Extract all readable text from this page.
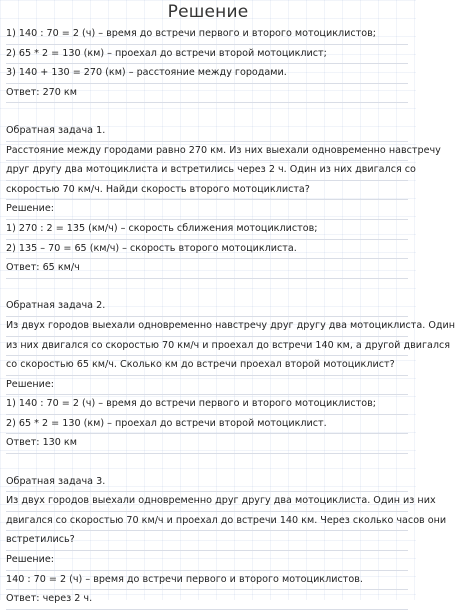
Решение
1) 140 : 70 = 2 (ч) – время до встречи первого и второго мотоциклистов;
2) 65 * 2 = 130 (км) – проехал до встречи второй мотоциклист;
3) 140 + 130 = 270 (км) – расстояние между городами.
Ответ: 270 км
Обратная задача 1.
Расстояние между городами равно 270 км. Из них выехали одновременно навстречу
друг другу два мотоциклиста и встретились через 2 ч. Один из них двигался со
скоростью 70 км/ч. Найди скорость второго мотоциклиста?
Решение:
1) 270 : 2 = 135 (км/ч) – скорость сближения мотоциклистов;
2) 135 – 70 = 65 (км/ч) – скорость второго мотоциклиста.
Ответ: 65 км/ч
Обратная задача 2.
Из двух городов выехали одновременно навстречу друг другу два мотоциклиста. Один
из них двигался со скоростью 70 км/ч и проехал до встречи 140 км, а другой двигался
со скоростью 65 км/ч. Сколько км до встречи проехал второй мотоциклист?
Решение:
1) 140 : 70 = 2 (ч) – время до встречи первого и второго мотоциклистов;
2) 65 * 2 = 130 (км) – проехал до встречи второй мотоциклист.
Ответ: 130 км
Обратная задача 3.
Из двух городов выехали одновременно друг другу два мотоциклиста. Один из них
двигался со скоростью 70 км/ч и проехал до встречи 140 км. Через сколько часов они
встретились?
Решение:
140 : 70 = 2 (ч) – время до встречи первого и второго мотоциклистов.
Ответ: через 2 ч.
